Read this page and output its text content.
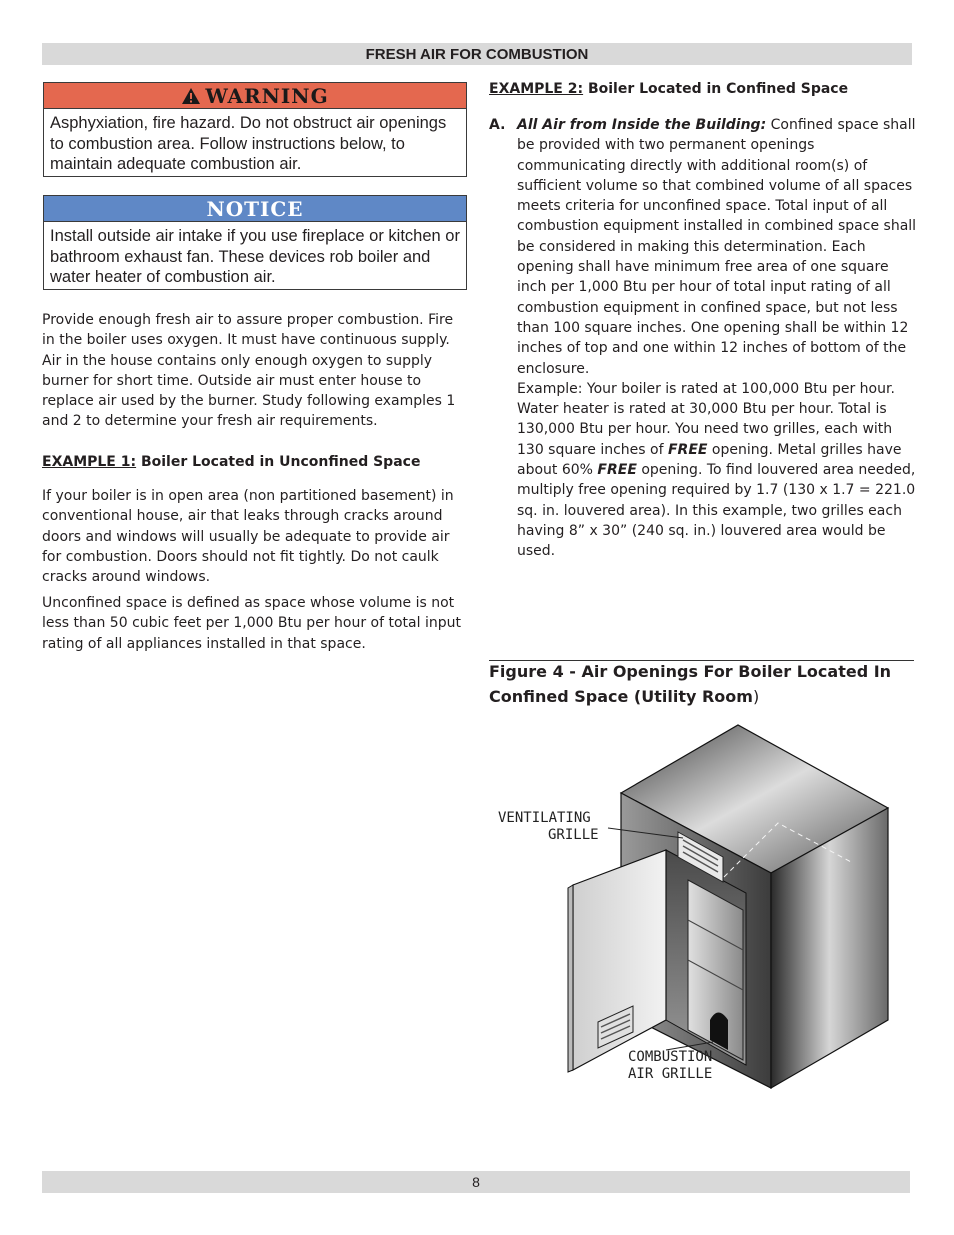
FRESH AIR FOR COMBUSTION
WARNING
Asphyxiation, fire hazard. Do not obstruct air openings to combustion area. Follow instructions below, to maintain adequate combustion air.
NOTICE
Install outside air intake if you use fireplace or kitchen or bathroom exhaust fan. These devices rob boiler and water heater of combustion air.
Provide enough fresh air to assure proper combustion. Fire in the boiler uses oxygen. It must have continuous supply. Air in the house contains only enough oxygen to supply burner for short time. Outside air must enter house to replace air used by the burner. Study following examples 1 and 2 to determine your fresh air requirements.
EXAMPLE 1: Boiler Located in Unconfined Space
If your boiler is in open area (non partitioned basement) in conventional house, air that leaks through cracks around doors and windows will usually be adequate to provide air for combustion. Doors should not fit tightly. Do not caulk cracks around windows.
Unconfined space is defined as space whose volume is not less than 50 cubic feet per 1,000 Btu per hour of total input rating of all appliances installed in that space.
EXAMPLE 2: Boiler Located in Confined Space
A. All Air from Inside the Building: Confined space shall be provided with two permanent openings communicating directly with additional room(s) of sufficient volume so that combined volume of all spaces meets criteria for unconfined space. Total input of all combustion equipment installed in combined space shall be considered in making this determination. Each opening shall have minimum free area of one square inch per 1,000 Btu per hour of total input rating of all combustion equipment in confined space, but not less than 100 square inches. One opening shall be within 12 inches of top and one within 12 inches of bottom of the enclosure.
Example: Your boiler is rated at 100,000 Btu per hour. Water heater is rated at 30,000 Btu per hour. Total is 130,000 Btu per hour. You need two grilles, each with 130 square inches of FREE opening. Metal grilles have about 60% FREE opening. To find louvered area needed, multiply free opening required by 1.7 (130 x 1.7 = 221.0 sq. in. louvered area). In this example, two grilles each having 8” x 30” (240 sq. in.) louvered area would be used.
Figure 4 - Air Openings For Boiler Located In Confined Space (Utility Room)
VENTILATING
GRILLE
COMBUSTION
AIR GRILLE
8
